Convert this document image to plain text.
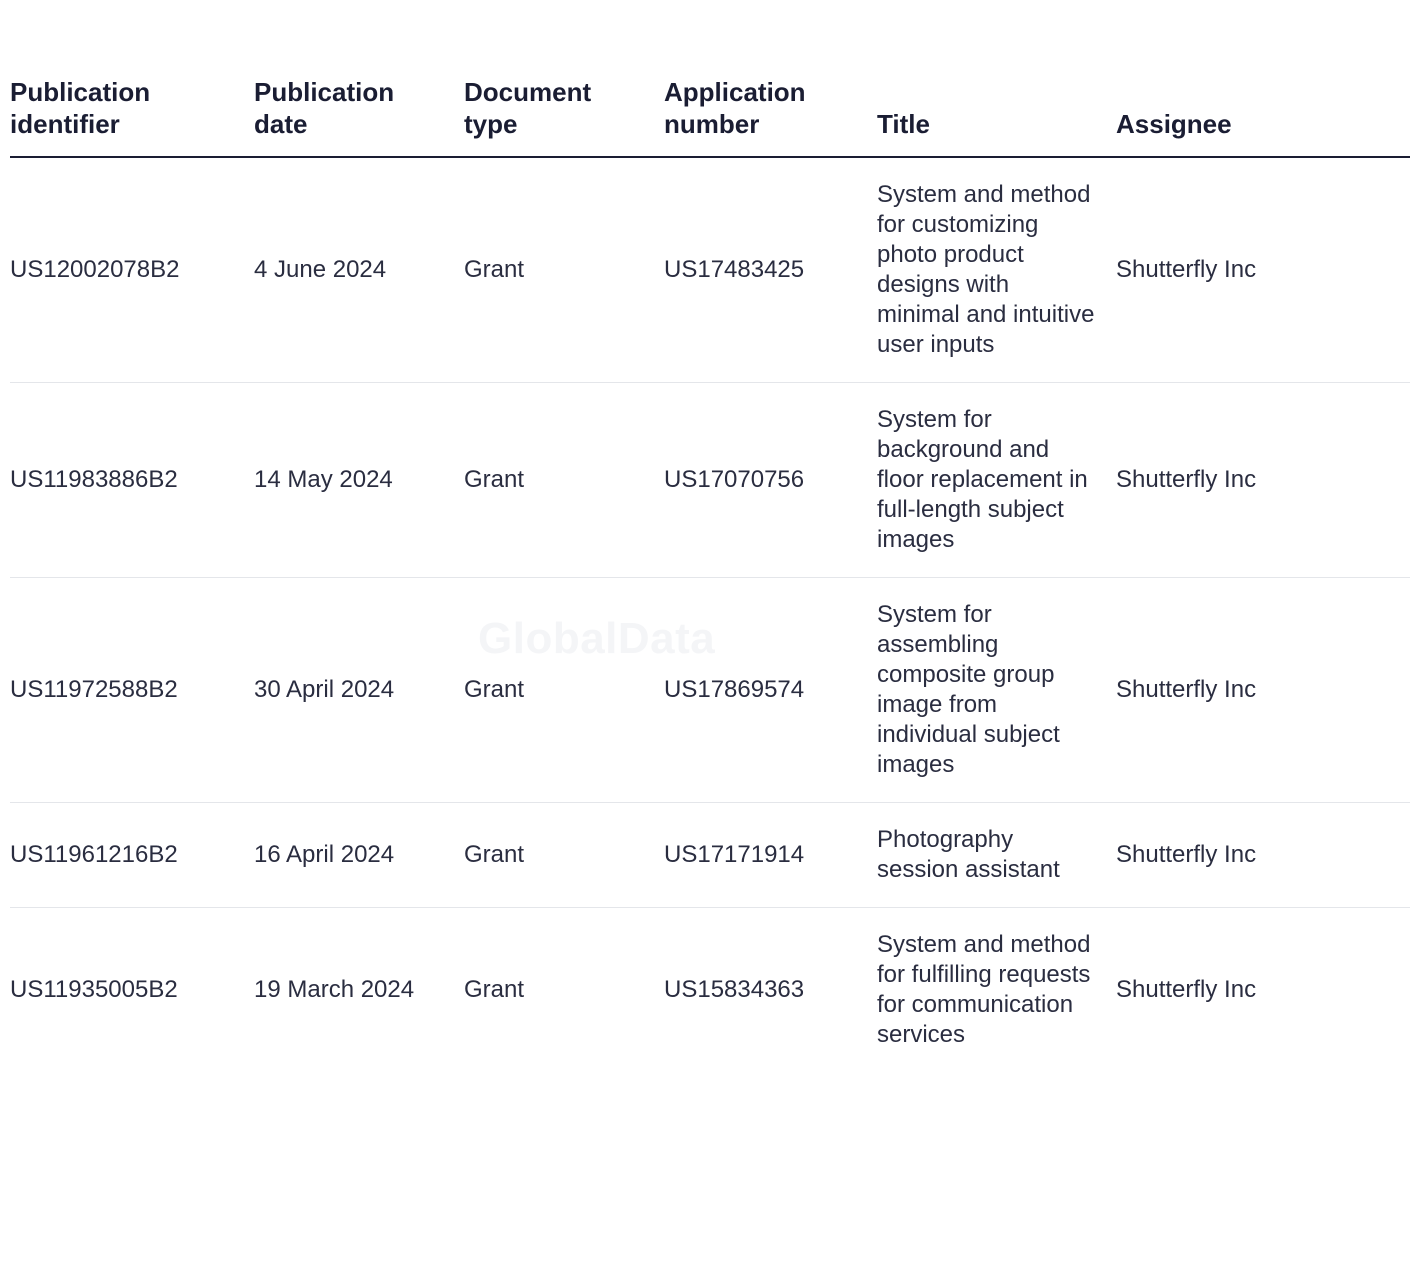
GlobalData
Publication identifier	Publication date	Document type	Application number	Title	Assignee
US12002078B2	4 June 2024	Grant	US17483425	System and method for customizing photo product designs with minimal and intuitive user inputs	Shutterfly Inc
US11983886B2	14 May 2024	Grant	US17070756	System for background and floor replacement in full-length subject images	Shutterfly Inc
US11972588B2	30 April 2024	Grant	US17869574	System for assembling composite group image from individual subject images	Shutterfly Inc
US11961216B2	16 April 2024	Grant	US17171914	Photography session assistant	Shutterfly Inc
US11935005B2	19 March 2024	Grant	US15834363	System and method for fulfilling requests for communication services	Shutterfly Inc
